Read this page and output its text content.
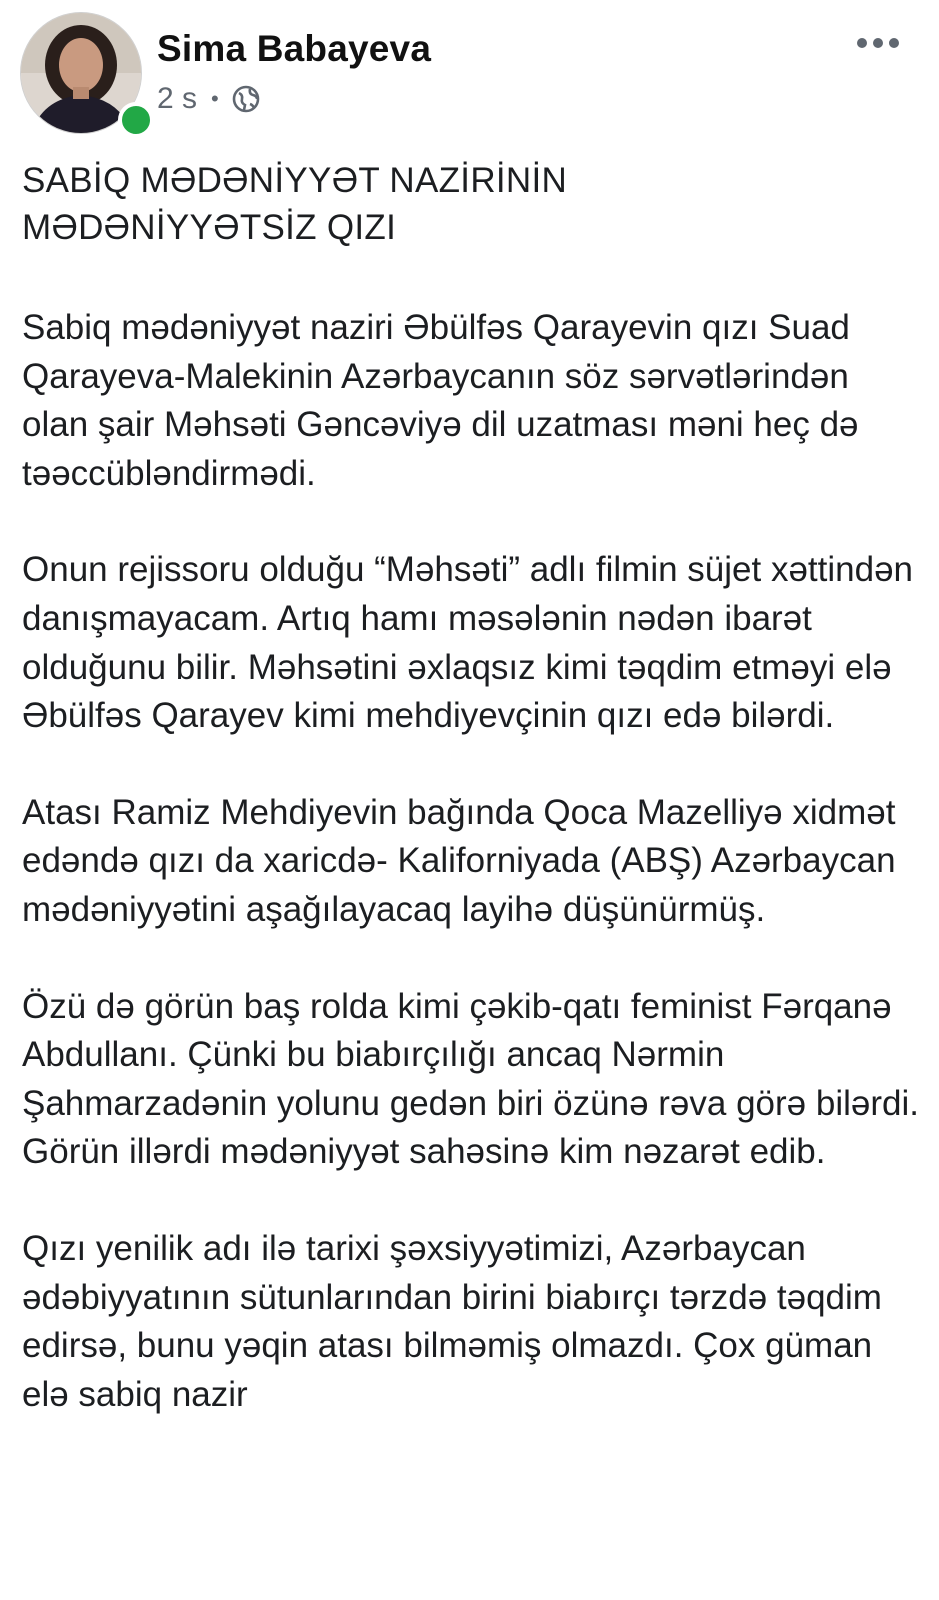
Sima Babayeva
2 s •
SABİQ MƏDƏNİYYƏT NAZİRİNİN
MƏDƏNİYYƏTSİZ QIZI

Sabiq mədəniyyət naziri Əbülfəs Qarayevin qızı Suad Qarayeva-Malekinin Azərbaycanın söz sərvətlərindən olan şair Məhsəti Gəncəviyə dil uzatması məni heç də təəccübləndirmədi.

Onun rejissoru olduğu “Məhsəti” adlı filmin süjet xəttindən danışmayacam. Artıq hamı məsələnin nədən ibarət olduğunu bilir. Məhsətini əxlaqsız kimi təqdim etməyi elə Əbülfəs Qarayev kimi mehdiyevçinin qızı edə bilərdi.

Atası Ramiz Mehdiyevin bağında Qoca Mazelliyə xidmət edəndə qızı da xaricdə- Kaliforniyada (ABŞ) Azərbaycan mədəniyyətini aşağılayacaq layihə düşünürmüş.

Özü də görün baş rolda kimi çəkib-qatı feminist Fərqanə Abdullanı. Çünki bu biabırçılığı ancaq Nərmin Şahmarzadənin yolunu gedən biri özünə rəva görə bilərdi. Görün illərdi mədəniyyət sahəsinə kim nəzarət edib.

Qızı yenilik adı ilə tarixi şəxsiyyətimizi, Azərbaycan ədəbiyyatının sütunlarından birini biabırçı tərzdə təqdim edirsə, bunu yəqin atası bilməmiş olmazdı. Çox güman elə sabiq nazir
